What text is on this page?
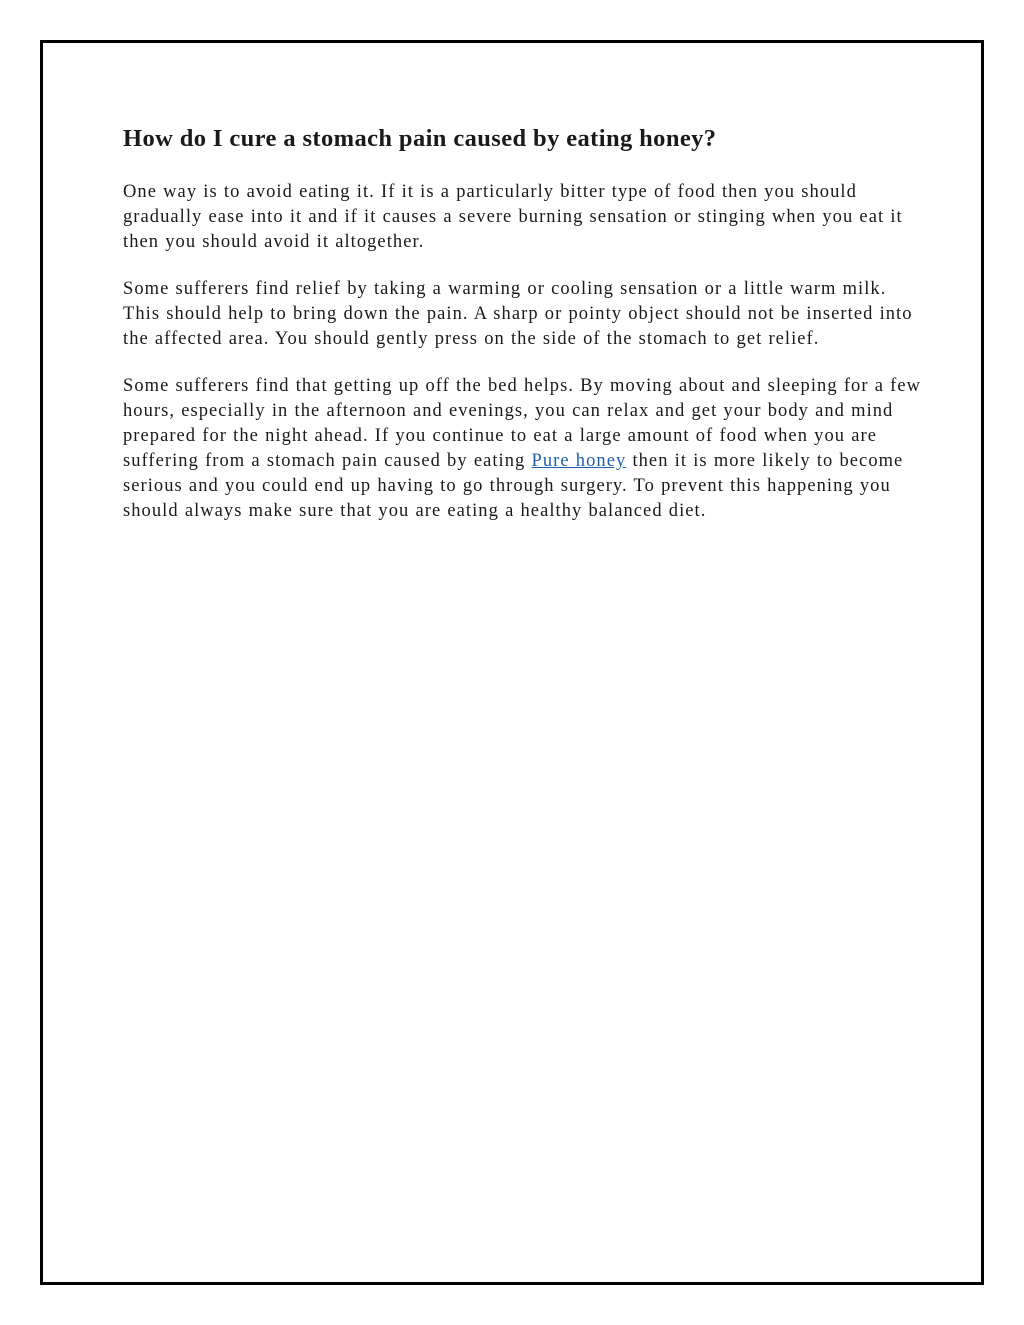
How do I cure a stomach pain caused by eating honey?

One way is to avoid eating it. If it is a particularly bitter type of food then you should gradually ease into it and if it causes a severe burning sensation or stinging when you eat it then you should avoid it altogether.

Some sufferers find relief by taking a warming or cooling sensation or a little warm milk. This should help to bring down the pain. A sharp or pointy object should not be inserted into the affected area. You should gently press on the side of the stomach to get relief.

Some sufferers find that getting up off the bed helps. By moving about and sleeping for a few hours, especially in the afternoon and evenings, you can relax and get your body and mind prepared for the night ahead. If you continue to eat a large amount of food when you are suffering from a stomach pain caused by eating Pure honey then it is more likely to become serious and you could end up having to go through surgery. To prevent this happening you should always make sure that you are eating a healthy balanced diet.
